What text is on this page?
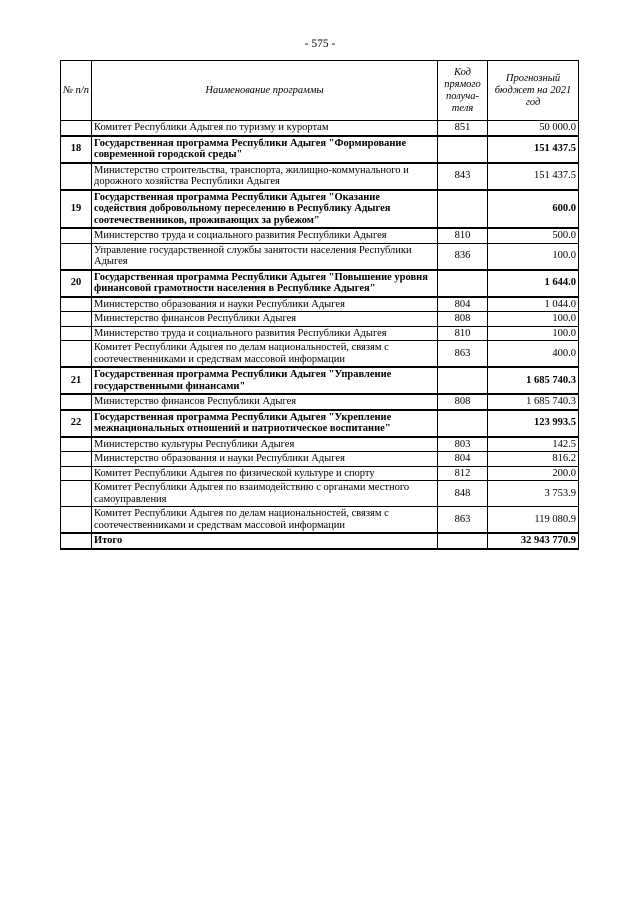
- 575 -
№ п/п	Наименование программы	Код прямого получа-теля	Прогнозный бюджет на 2021 год
	Комитет Республики Адыгея по туризму и курортам	851	50 000.0
18	Государственная программа Республики Адыгея "Формирование современной городской среды"		151 437.5
	Министерство строительства, транспорта, жилищно-коммунального и дорожного хозяйства Республики Адыгея	843	151 437.5
19	Государственная программа Республики Адыгея "Оказание содействия добровольному переселению в Республику Адыгея соотечественников, проживающих за рубежом"		600.0
	Министерство труда и социального развития Республики Адыгея	810	500.0
	Управление государственной службы занятости населения Республики Адыгея	836	100.0
20	Государственная программа Республики Адыгея "Повышение уровня финансовой грамотности населения в Республике Адыгея"		1 644.0
	Министерство образования и науки Республики Адыгея	804	1 044.0
	Министерство финансов Республики Адыгея	808	100.0
	Министерство труда и социального развития Республики Адыгея	810	100.0
	Комитет Республики Адыгея по делам национальностей, связям с соотечественниками и средствам массовой информации	863	400.0
21	Государственная программа Республики Адыгея "Управление государственными финансами"		1 685 740.3
	Министерство финансов Республики Адыгея	808	1 685 740.3
22	Государственная программа Республики Адыгея "Укрепление межнациональных отношений и патриотическое воспитание"		123 993.5
	Министерство культуры Республики Адыгея	803	142.5
	Министерство образования и науки Республики Адыгея	804	816.2
	Комитет Республики Адыгея по физической культуре и спорту	812	200.0
	Комитет Республики Адыгея по взаимодействию с органами местного самоуправления	848	3 753.9
	Комитет Республики Адыгея по делам национальностей, связям с соотечественниками и средствам массовой информации	863	119 080.9
	Итого		32 943 770.9
